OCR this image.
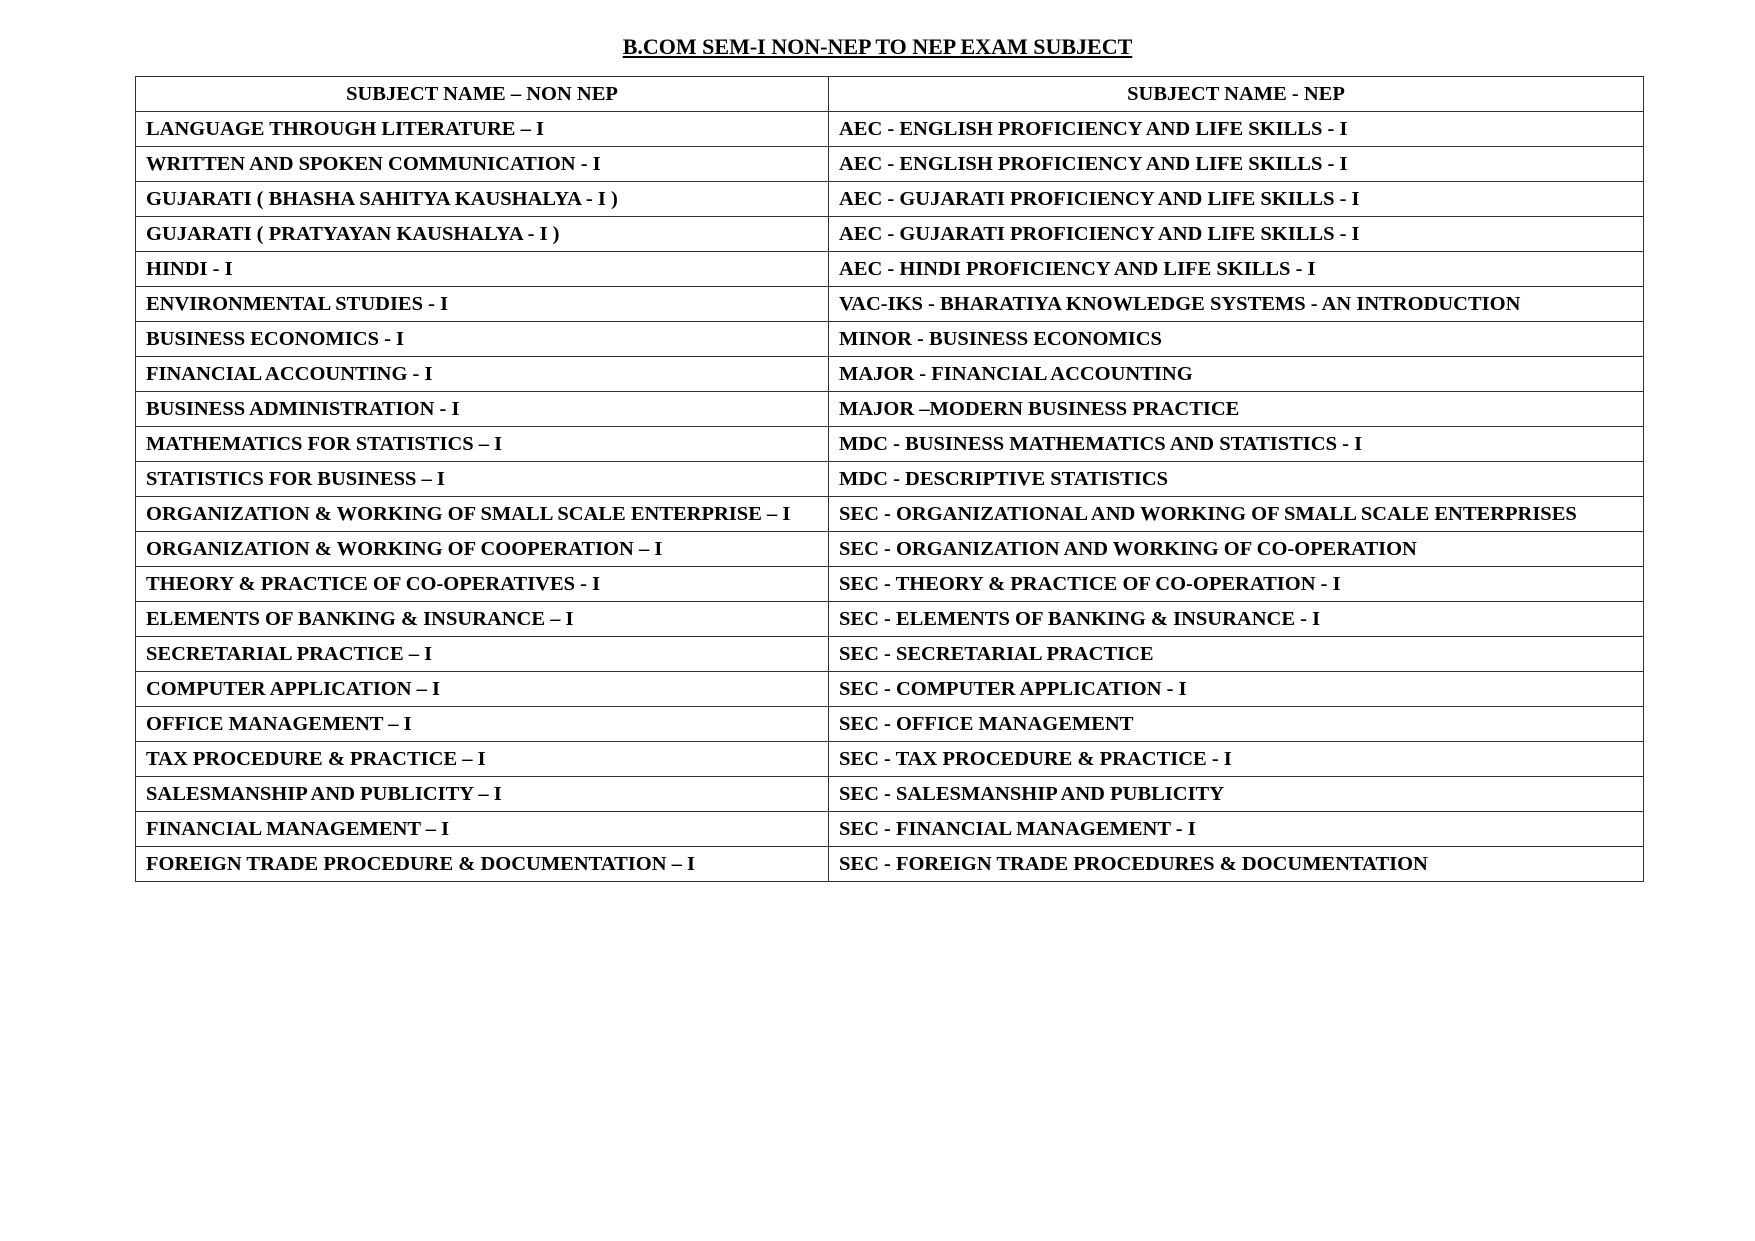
B.COM SEM-I NON-NEP TO NEP EXAM SUBJECT
SUBJECT NAME – NON NEP	SUBJECT NAME - NEP
LANGUAGE THROUGH LITERATURE – I	AEC - ENGLISH PROFICIENCY AND LIFE SKILLS - I
WRITTEN AND SPOKEN COMMUNICATION - I	AEC - ENGLISH PROFICIENCY AND LIFE SKILLS - I
GUJARATI ( BHASHA SAHITYA KAUSHALYA - I )	AEC - GUJARATI PROFICIENCY AND LIFE SKILLS - I
GUJARATI ( PRATYAYAN KAUSHALYA - I )	AEC - GUJARATI PROFICIENCY AND LIFE SKILLS - I
HINDI - I	AEC - HINDI PROFICIENCY AND LIFE SKILLS - I
ENVIRONMENTAL STUDIES - I	VAC-IKS - BHARATIYA KNOWLEDGE SYSTEMS - AN INTRODUCTION
BUSINESS ECONOMICS - I	MINOR - BUSINESS ECONOMICS
FINANCIAL ACCOUNTING - I	MAJOR - FINANCIAL ACCOUNTING
BUSINESS ADMINISTRATION - I	MAJOR –MODERN BUSINESS PRACTICE
MATHEMATICS FOR STATISTICS – I	MDC - BUSINESS MATHEMATICS AND STATISTICS - I
STATISTICS FOR BUSINESS – I	MDC - DESCRIPTIVE STATISTICS
ORGANIZATION & WORKING OF SMALL SCALE ENTERPRISE – I	SEC - ORGANIZATIONAL AND WORKING OF SMALL SCALE ENTERPRISES
ORGANIZATION & WORKING OF COOPERATION – I	SEC - ORGANIZATION AND WORKING OF CO-OPERATION
THEORY & PRACTICE OF CO-OPERATIVES - I	SEC - THEORY & PRACTICE OF CO-OPERATION - I
ELEMENTS OF BANKING & INSURANCE – I	SEC - ELEMENTS OF BANKING & INSURANCE - I
SECRETARIAL PRACTICE – I	SEC - SECRETARIAL PRACTICE
COMPUTER APPLICATION – I	SEC - COMPUTER APPLICATION - I
OFFICE MANAGEMENT – I	SEC - OFFICE MANAGEMENT
TAX PROCEDURE & PRACTICE – I	SEC - TAX PROCEDURE & PRACTICE - I
SALESMANSHIP AND PUBLICITY – I	SEC - SALESMANSHIP AND PUBLICITY
FINANCIAL MANAGEMENT – I	SEC - FINANCIAL MANAGEMENT - I
FOREIGN TRADE PROCEDURE & DOCUMENTATION – I	SEC - FOREIGN TRADE PROCEDURES & DOCUMENTATION
